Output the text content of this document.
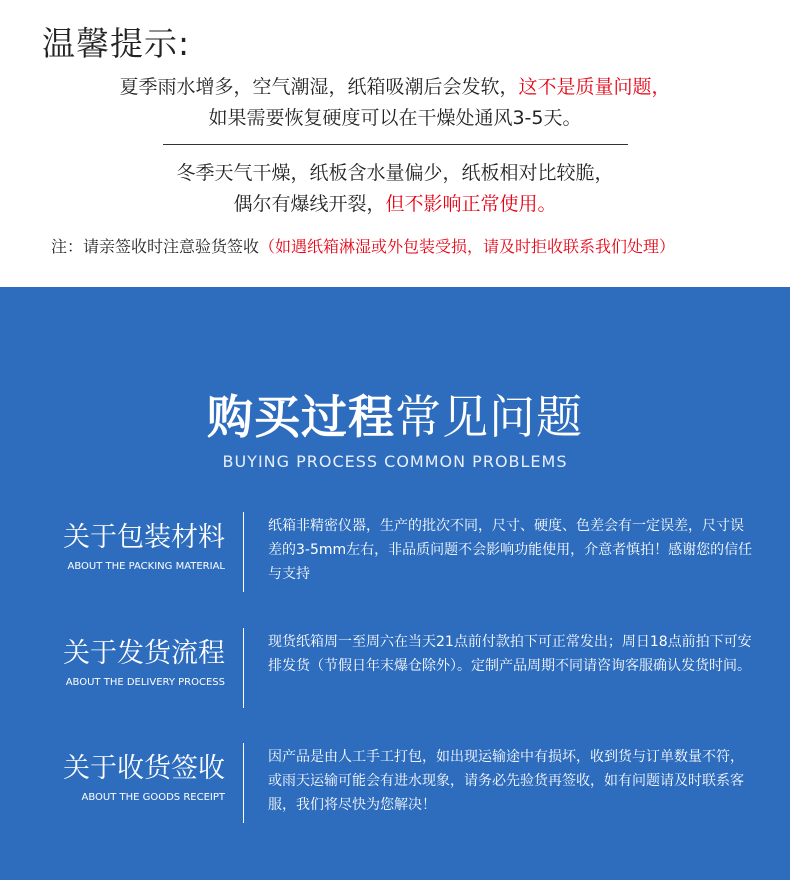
温馨提示:
夏季雨水增多，空气潮湿，纸箱吸潮后会发软，这不是质量问题，
如果需要恢复硬度可以在干燥处通风3-5天。
冬季天气干燥，纸板含水量偏少，纸板相对比较脆，
偶尔有爆线开裂，但不影响正常使用。
注：请亲签收时注意验货签收（如遇纸箱淋湿或外包装受损，请及时拒收联系我们处理）
购买过程常见问题
BUYING PROCESS COMMON PROBLEMS
关于包装材料
ABOUT THE PACKING MATERIAL
纸箱非精密仪器，生产的批次不同，尺寸、硬度、色差会有一定误差，尺寸误差的3-5mm左右，非品质问题不会影响功能使用，介意者慎拍！感谢您的信任与支持
关于发货流程
ABOUT THE DELIVERY PROCESS
现货纸箱周一至周六在当天21点前付款拍下可正常发出；周日18点前拍下可安排发货（节假日年末爆仓除外）。定制产品周期不同请咨询客服确认发货时间。
关于收货签收
ABOUT THE GOODS RECEIPT
因产品是由人工手工打包，如出现运输途中有损坏，收到货与订单数量不符，或雨天运输可能会有进水现象，请务必先验货再签收，如有问题请及时联系客服，我们将尽快为您解决！
